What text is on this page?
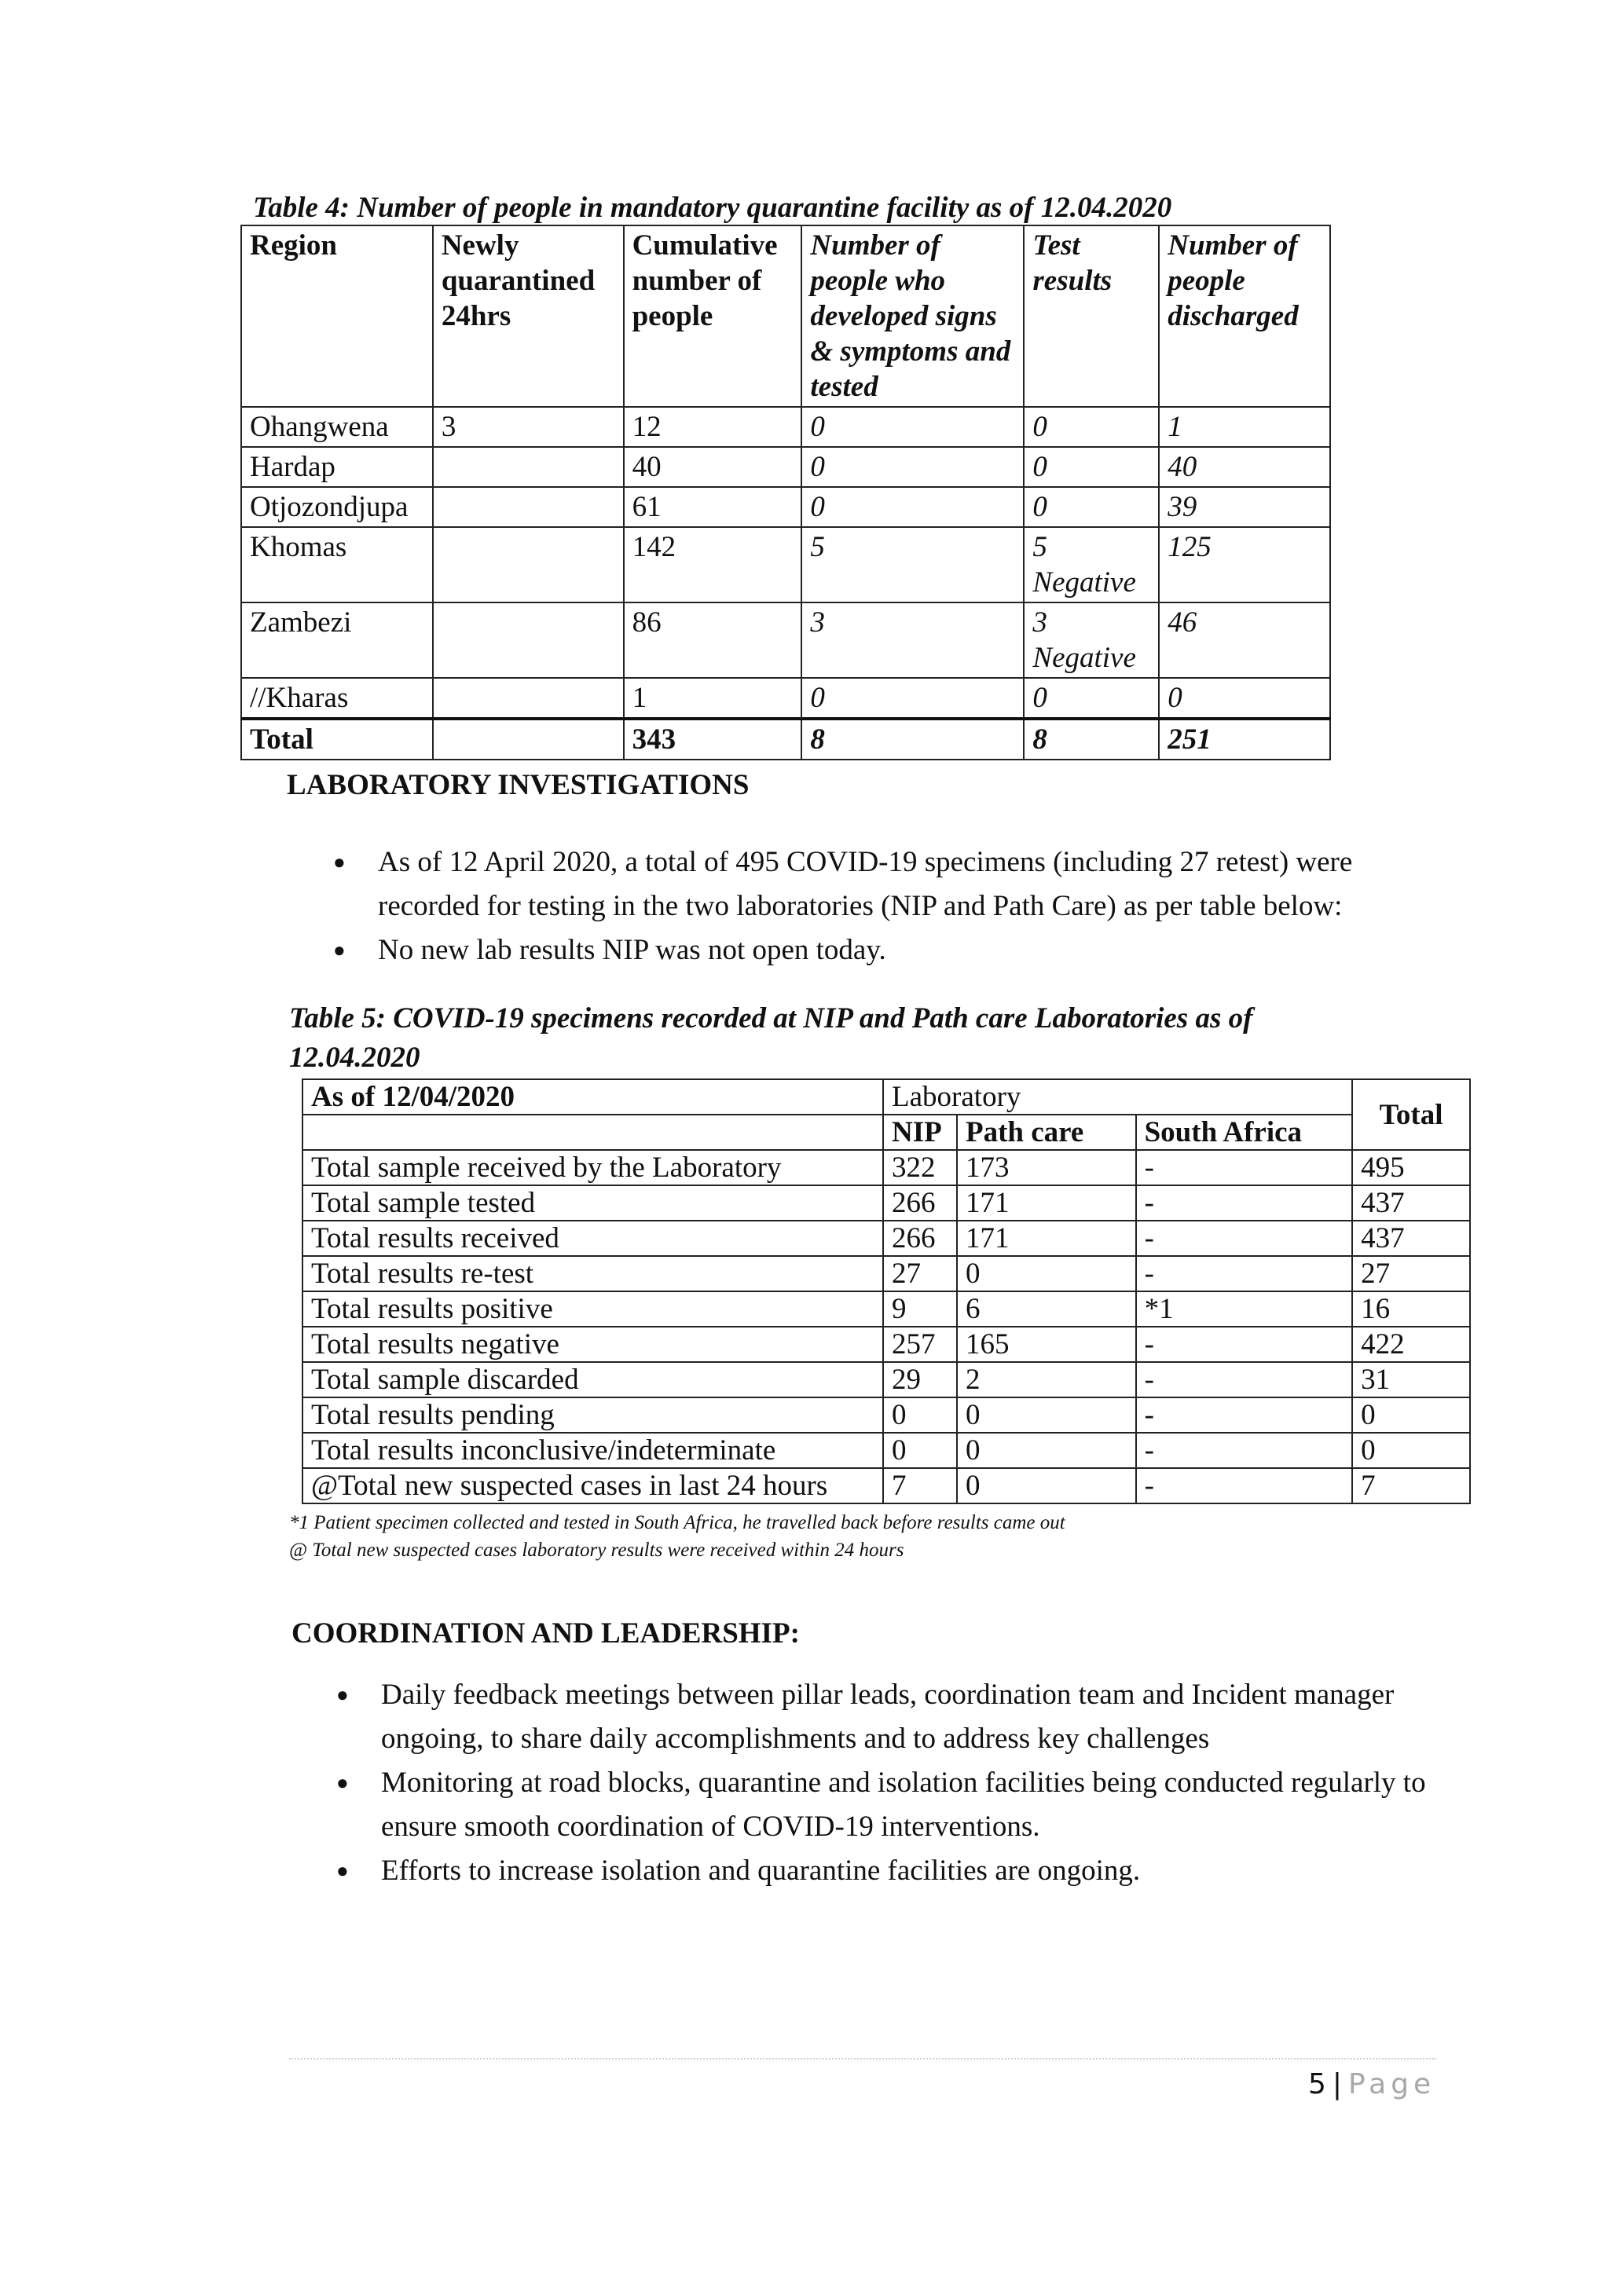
Table 4: Number of people in mandatory quarantine facility as of 12.04.2020
Region	Newly quarantined 24hrs	Cumulative number of people	Number of people who developed signs & symptoms and tested	Test results	Number of people discharged
Ohangwena	3	12	0	0	1
Hardap		40	0	0	40
Otjozondjupa		61	0	0	39
Khomas		142	5	5 Negative	125
Zambezi		86	3	3 Negative	46
//Kharas		1	0	0	0
Total		343	8	8	251
LABORATORY INVESTIGATIONS
● As of 12 April 2020, a total of 495 COVID-19 specimens (including 27 retest) were recorded for testing in the two laboratories (NIP and Path Care) as per table below:
● No new lab results NIP was not open today.
Table 5: COVID-19 specimens recorded at NIP and Path care Laboratories as of 12.04.2020
As of 12/04/2020	Laboratory			Total
	NIP	Path care	South Africa	
Total sample received by the Laboratory	322	173	-	495
Total sample tested	266	171	-	437
Total results received	266	171	-	437
Total results re-test	27	0	-	27
Total results positive	9	6	*1	16
Total results negative	257	165	-	422
Total sample discarded	29	2	-	31
Total results pending	0	0	-	0
Total results inconclusive/indeterminate	0	0	-	0
@Total new suspected cases in last 24 hours	7	0	-	7
*1 Patient specimen collected and tested in South Africa, he travelled back before results came out
@ Total new suspected cases laboratory results were received within 24 hours
COORDINATION AND LEADERSHIP:
● Daily feedback meetings between pillar leads, coordination team and Incident manager ongoing, to share daily accomplishments and to address key challenges
● Monitoring at road blocks, quarantine and isolation facilities being conducted regularly to ensure smooth coordination of COVID-19 interventions.
● Efforts to increase isolation and quarantine facilities are ongoing.
5 | Page
